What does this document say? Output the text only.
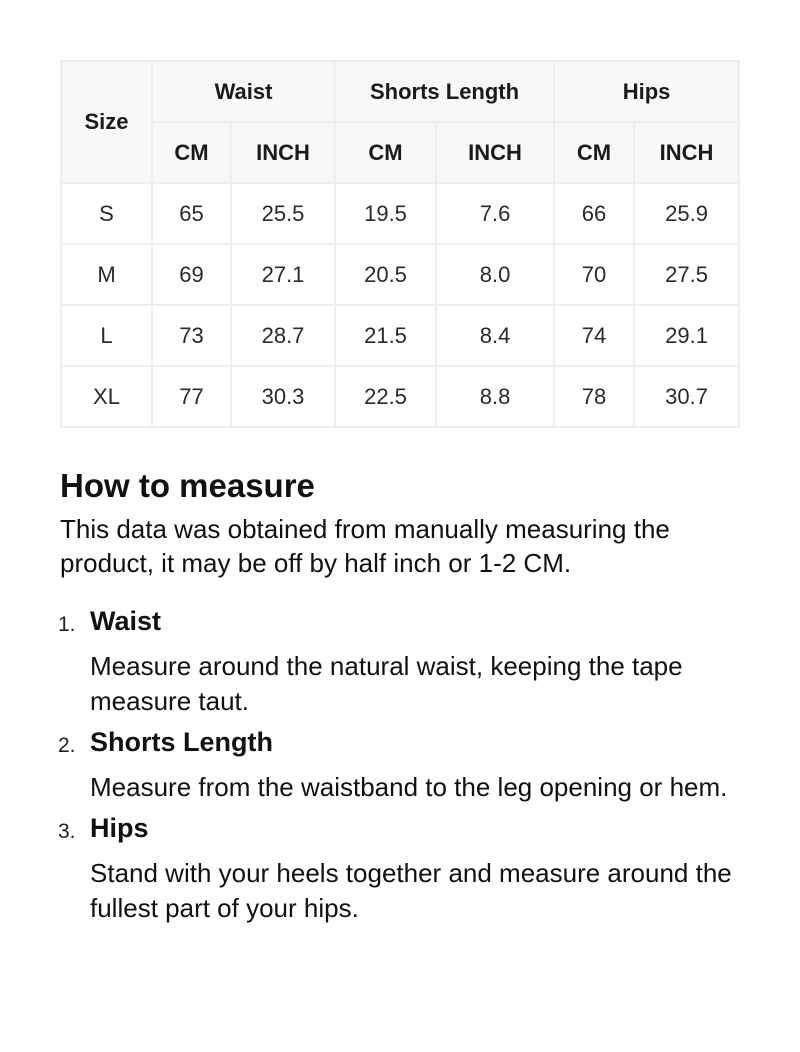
Size	Waist		Shorts Length		Hips	
	CM	INCH	CM	INCH	CM	INCH
S	65	25.5	19.5	7.6	66	25.9
M	69	27.1	20.5	8.0	70	27.5
L	73	28.7	21.5	8.4	74	29.1
XL	77	30.3	22.5	8.8	78	30.7
How to measure

This data was obtained from manually measuring the product, it may be off by half inch or 1-2 CM.

1. Waist
Measure around the natural waist, keeping the tape measure taut.
2. Shorts Length
Measure from the waistband to the leg opening or hem.
3. Hips
Stand with your heels together and measure around the fullest part of your hips.
